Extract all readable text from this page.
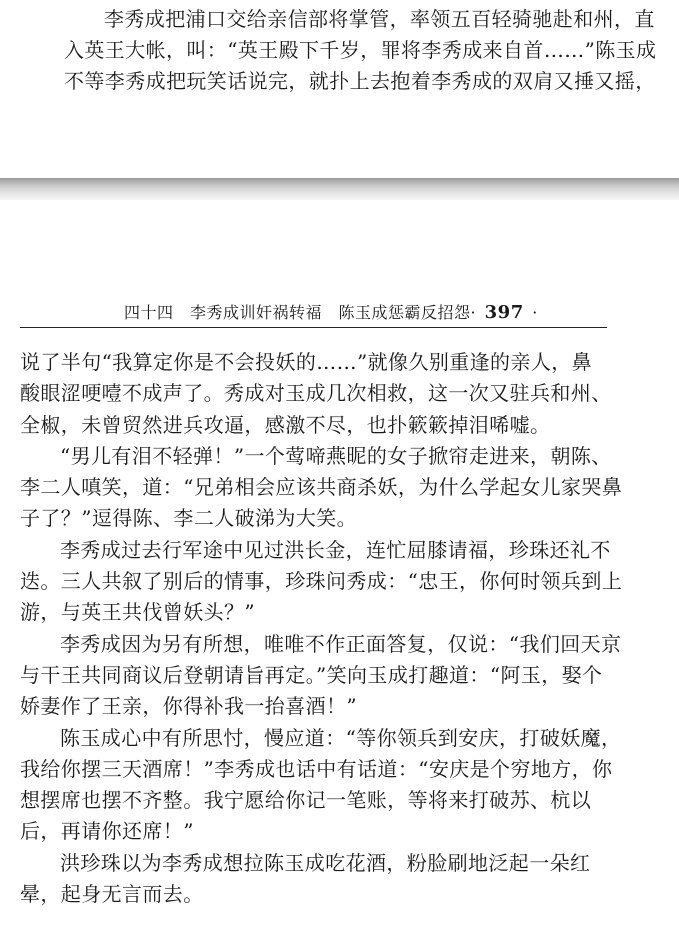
李秀成把浦口交给亲信部将掌管，率领五百轻骑驰赴和州，直
入英王大帐，叫：“英王殿下千岁，罪将李秀成来自首……”陈玉成
不等李秀成把玩笑话说完，就扑上去抱着李秀成的双肩又捶又摇，
四十四　 李秀成训奸祸转福　陈玉成惩霸反招怨· 397 ·
说了半句“我算定你是不会投妖的……”就像久别重逢的亲人，鼻
酸眼涩哽噎不成声了。秀成对玉成几次相救，这一次又驻兵和州、
全椒，未曾贸然进兵攻逼，感激不尽，也扑簌簌掉泪唏嘘。
“男儿有泪不轻弹！”一个莺啼燕昵的女子掀帘走进来，朝陈、
李二人嗔笑，道：“兄弟相会应该共商杀妖，为什么学起女儿家哭鼻
子了？”逗得陈、李二人破涕为大笑。
李秀成过去行军途中见过洪长金，连忙屈膝请福，珍珠还礼不
迭。三人共叙了别后的情事，珍珠问秀成：“忠王，你何时领兵到上
游，与英王共伐曾妖头？”
李秀成因为另有所想，唯唯不作正面答复，仅说：“我们回天京
与干王共同商议后登朝请旨再定。”笑向玉成打趣道：“阿玉，娶个
娇妻作了王亲，你得补我一抬喜酒！”
陈玉成心中有所思忖，慢应道：“等你领兵到安庆，打破妖魔，
我给你摆三天酒席！”李秀成也话中有话道：“安庆是个穷地方，你
想摆席也摆不齐整。我宁愿给你记一笔账，等将来打破苏、杭以
后，再请你还席！”
洪珍珠以为李秀成想拉陈玉成吃花酒，粉脸刷地泛起一朵红
晕，起身无言而去。
